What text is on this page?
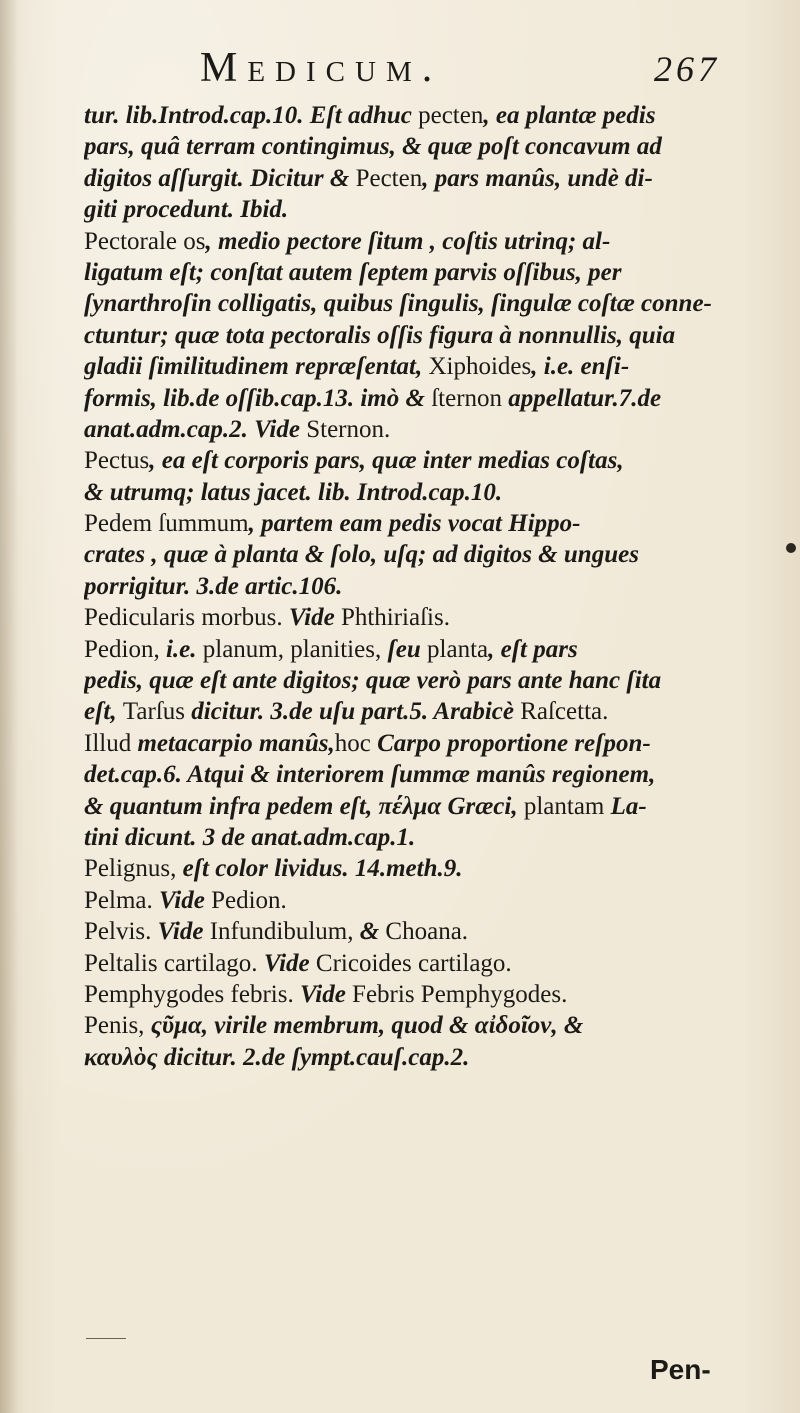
Medicum.	267
tur. lib.Introd.cap.10. Eſt adhuc pecten, ea plantæ pedis
pars, quâ terram contingimus, & quæ poſt concavum ad
digitos aſſurgit. Dicitur & Pecten, pars manûs, undè di-
giti procedunt. Ibid.
Pectorale os, medio pectore ſitum , coſtis utrinq; al-
ligatum eſt; conſtat autem ſeptem parvis oſſibus, per
ſynarthroſin colligatis, quibus ſingulis, ſingulæ coſtæ conne-
ctuntur; quæ tota pectoralis oſſis figura à nonnullis, quia
gladii ſimilitudinem repræſentat, Xiphoides, i.e. enſi-
formis, lib.de oſſib.cap.13. imò & ſternon appellatur.7.de
anat.adm.cap.2. Vide Sternon.
Pectus, ea eſt corporis pars, quæ inter medias coſtas,
& utrumq; latus jacet. lib. Introd.cap.10.
Pedem ſummum, partem eam pedis vocat Hippo-
crates , quæ à planta & ſolo, uſq; ad digitos & ungues
porrigitur. 3.de artic.106.
Pedicularis morbus. Vide Phthiriaſis.
Pedion, i.e. planum, planities, ſeu planta, eſt pars
pedis, quæ eſt ante digitos; quæ verò pars ante hanc ſita
eſt, Tarſus dicitur. 3.de uſu part.5. Arabicè Raſcetta.
Illud metacarpio manûs,hoc Carpo proportione reſpon-
det.cap.6. Atqui & interiorem ſummæ manûs regionem,
& quantum infra pedem eſt, πέλμα Græci, plantam La-
tini dicunt. 3 de anat.adm.cap.1.
Pelignus, eſt color lividus. 14.meth.9.
Pelma. Vide Pedion.
Pelvis. Vide Infundibulum, & Choana.
Peltalis cartilago. Vide Cricoides cartilago.
Pemphygodes febris. Vide Febris Pemphygodes.
Penis, ςῦμα, virile membrum, quod & αἰδοῖον, &
καυλὸς dicitur. 2.de ſympt.cauſ.cap.2.
Pen-
